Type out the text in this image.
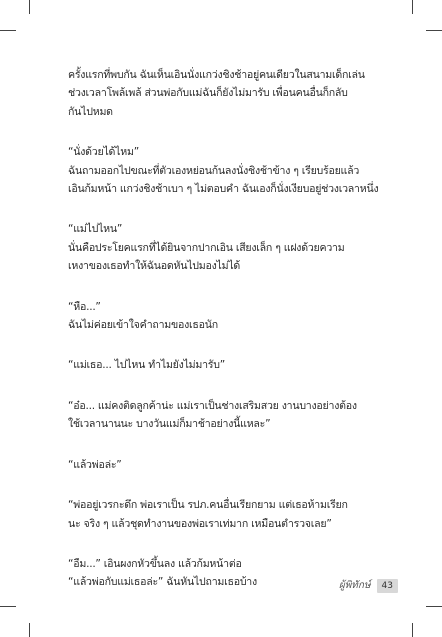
ครั้งแรกที่พบกัน ฉันเห็นเอินนั่งแกว่งชิงช้าอยู่คนเดียวในสนามเด็กเล่น
ช่วงเวลาโพล้เพล้ ส่วนพ่อกับแม่ฉันก็ยังไม่มารับ เพื่อนคนอื่นก็กลับ
กันไปหมด
“นั่งด้วยได้ไหม”
ฉันถามออกไปขณะที่ตัวเองหย่อนก้นลงนั่งชิงช้าข้าง ๆ เรียบร้อยแล้ว
เอินก้มหน้า แกว่งชิงช้าเบา ๆ ไม่ตอบคำ ฉันเองก็นั่งเงียบอยู่ช่วงเวลาหนึ่ง
“แม่ไปไหน”
นั่นคือประโยคแรกที่ได้ยินจากปากเอิน เสียงเล็ก ๆ แฝงด้วยความ
เหงาของเธอทำให้ฉันอดหันไปมองไม่ได้
“หือ...”
ฉันไม่ค่อยเข้าใจคำถามของเธอนัก
“แม่เธอ... ไปไหน ทำไมยังไม่มารับ”
“อ๋อ... แม่คงติดลูกค้าน่ะ แม่เราเป็นช่างเสริมสวย งานบางอย่างต้อง
ใช้เวลานานนะ บางวันแม่ก็มาช้าอย่างนี้แหละ”
“แล้วพ่อล่ะ”
“พ่ออยู่เวรกะดึก พ่อเราเป็น รปภ.คนอื่นเรียกยาม แต่เธอห้ามเรียก
นะ จริง ๆ แล้วชุดทำงานของพ่อเราเท่มาก เหมือนตำรวจเลย”
“อืม...” เอินผงกหัวขึ้นลง แล้วก้มหน้าต่อ
“แล้วพ่อกับแม่เธอล่ะ” ฉันหันไปถามเธอบ้าง	ผู้พิทักษ์	43
